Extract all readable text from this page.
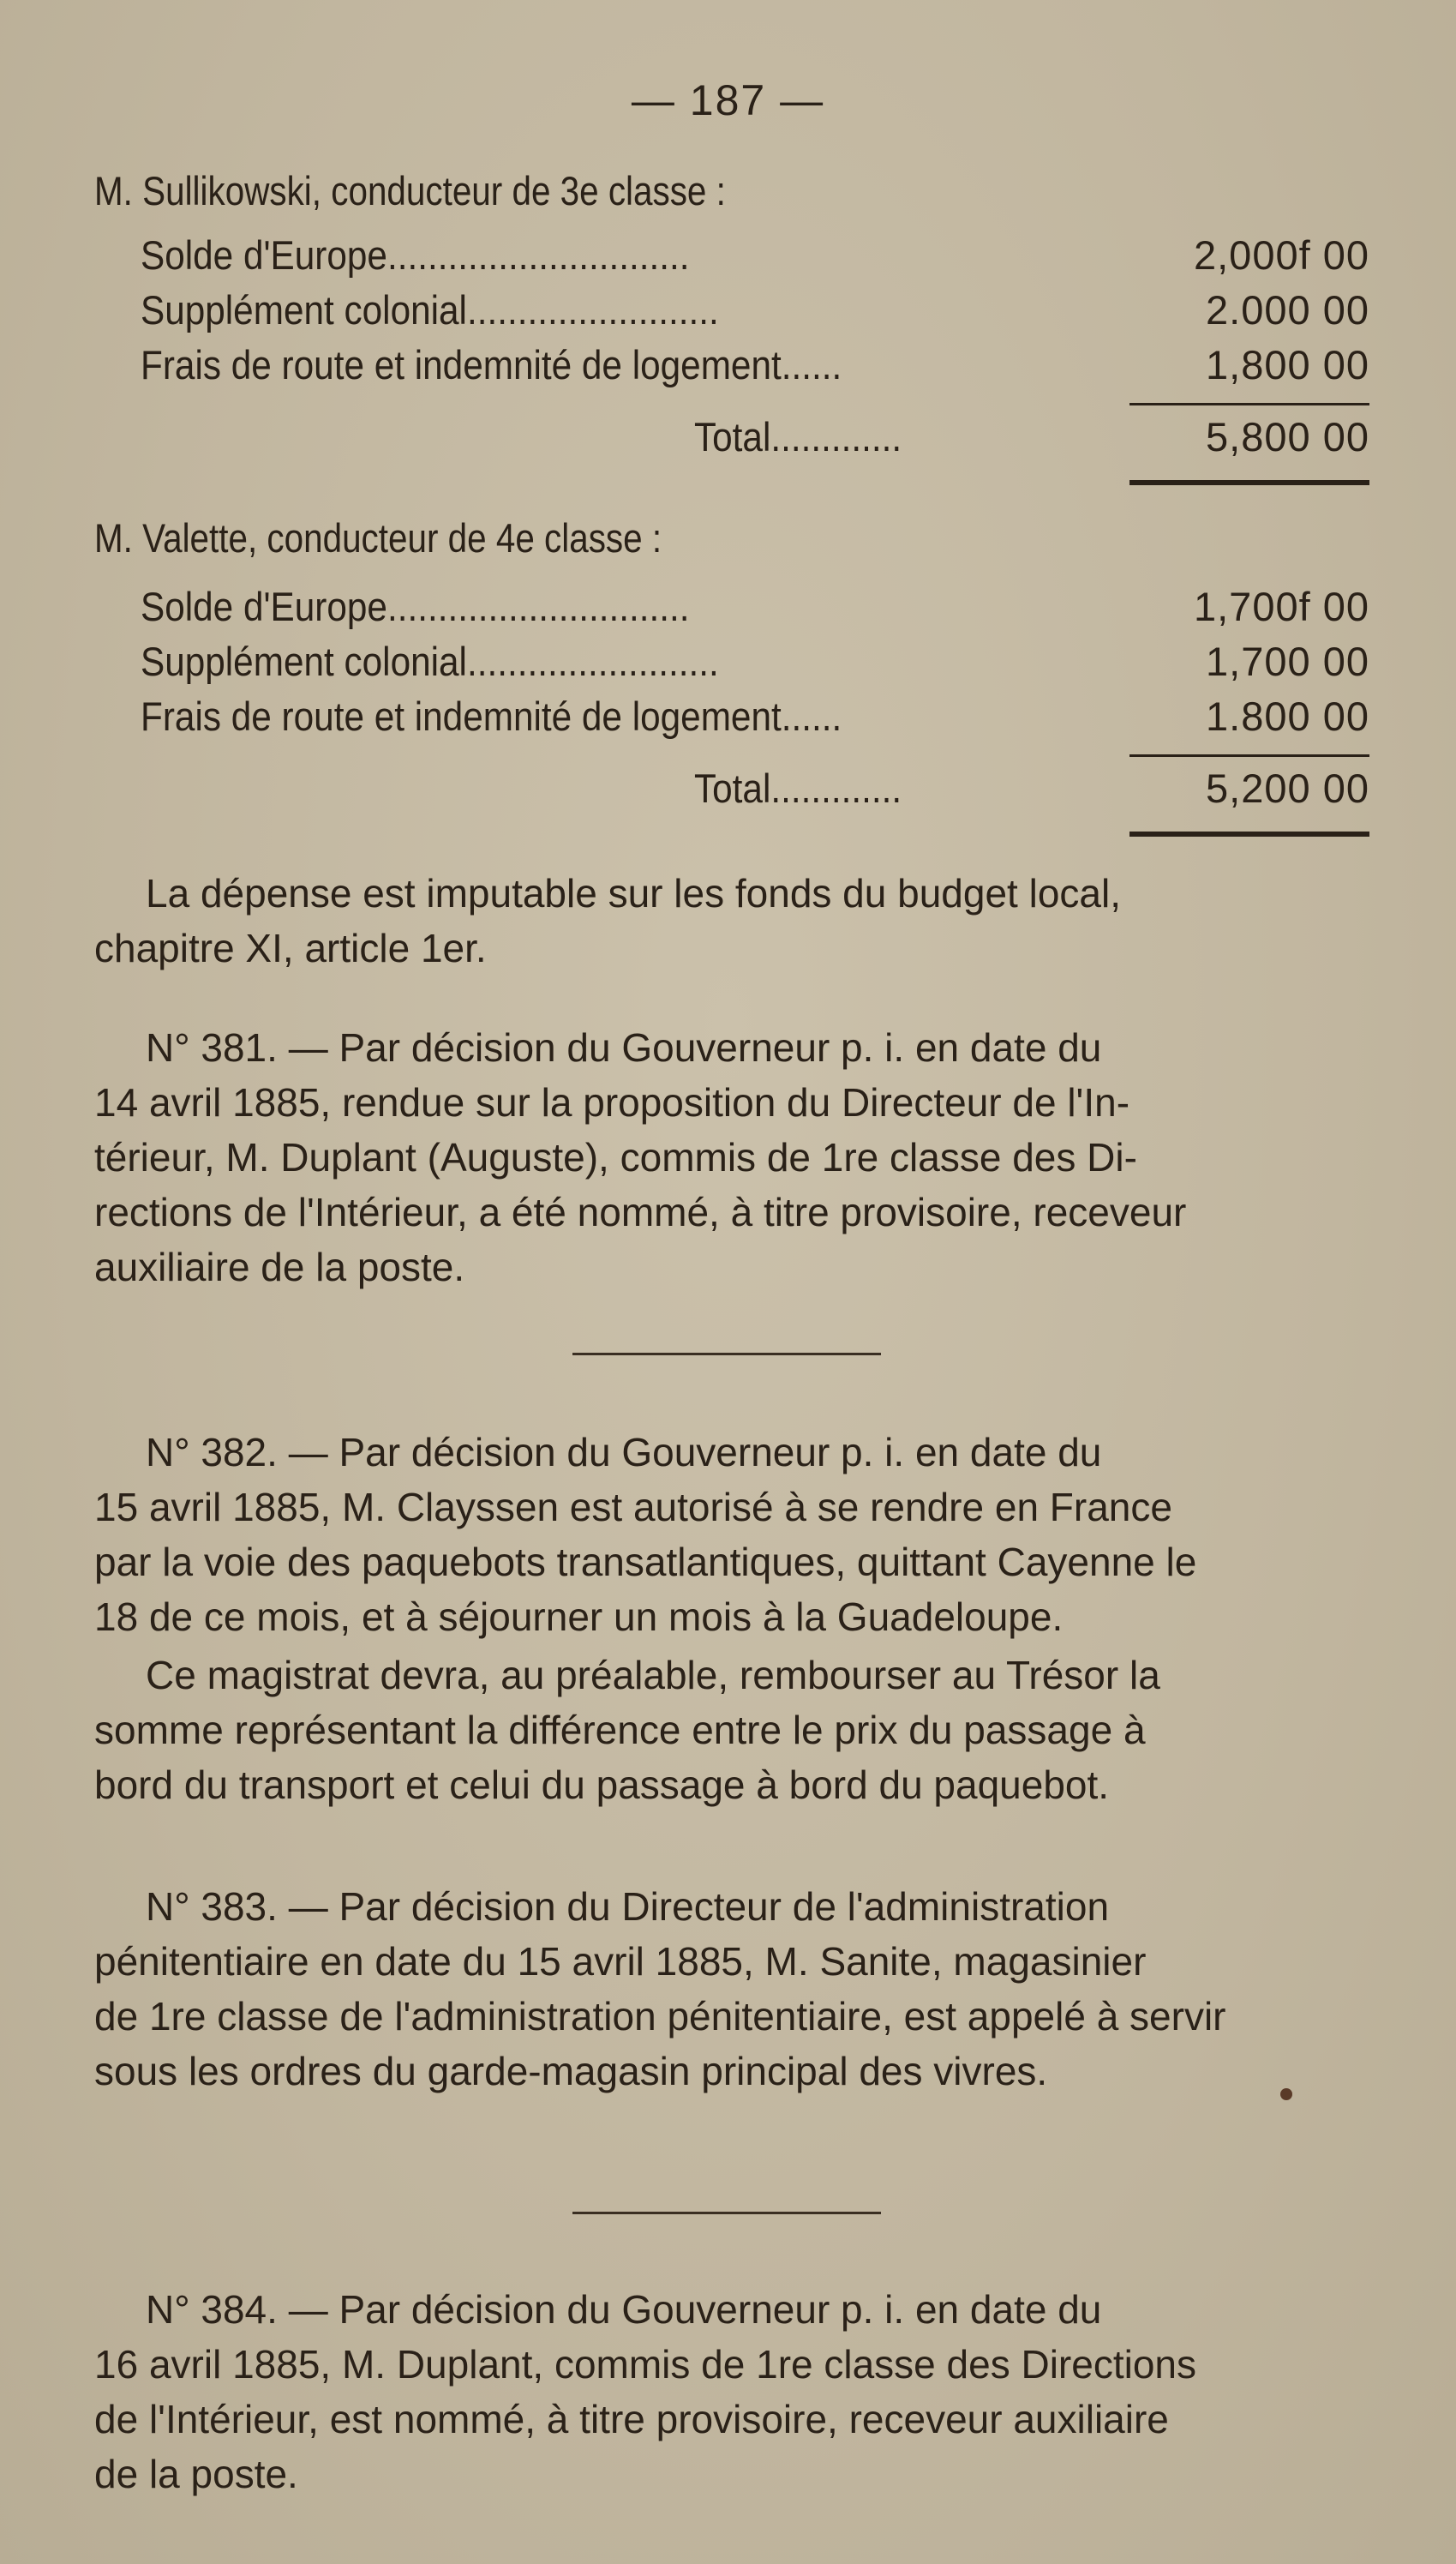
— 187 —
M. Sullikowski, conducteur de 3e classe :
Solde d'Europe..............................	2,000f 00
Supplément colonial.........................	2.000 00
Frais de route et indemnité de logement......	1,800 00
Total.............	5,800 00
M. Valette, conducteur de 4e classe :
Solde d'Europe..............................	1,700f 00
Supplément colonial.........................	1,700 00
Frais de route et indemnité de logement......	1.800 00
Total.............	5,200 00
La dépense est imputable sur les fonds du budget local,
chapitre XI, article 1er.
N° 381. — Par décision du Gouverneur p. i. en date du
14 avril 1885, rendue sur la proposition du Directeur de l'In-
térieur, M. Duplant (Auguste), commis de 1re classe des Di-
rections de l'Intérieur, a été nommé, à titre provisoire, receveur
auxiliaire de la poste.
N° 382. — Par décision du Gouverneur p. i. en date du
15 avril 1885, M. Clayssen est autorisé à se rendre en France
par la voie des paquebots transatlantiques, quittant Cayenne le
18 de ce mois, et à séjourner un mois à la Guadeloupe.
Ce magistrat devra, au préalable, rembourser au Trésor la
somme représentant la différence entre le prix du passage à
bord du transport et celui du passage à bord du paquebot.
N° 383. — Par décision du Directeur de l'administration
pénitentiaire en date du 15 avril 1885, M. Sanite, magasinier
de 1re classe de l'administration pénitentiaire, est appelé à servir
sous les ordres du garde-magasin principal des vivres.
N° 384. — Par décision du Gouverneur p. i. en date du
16 avril 1885, M. Duplant, commis de 1re classe des Directions
de l'Intérieur, est nommé, à titre provisoire, receveur auxiliaire
de la poste.
